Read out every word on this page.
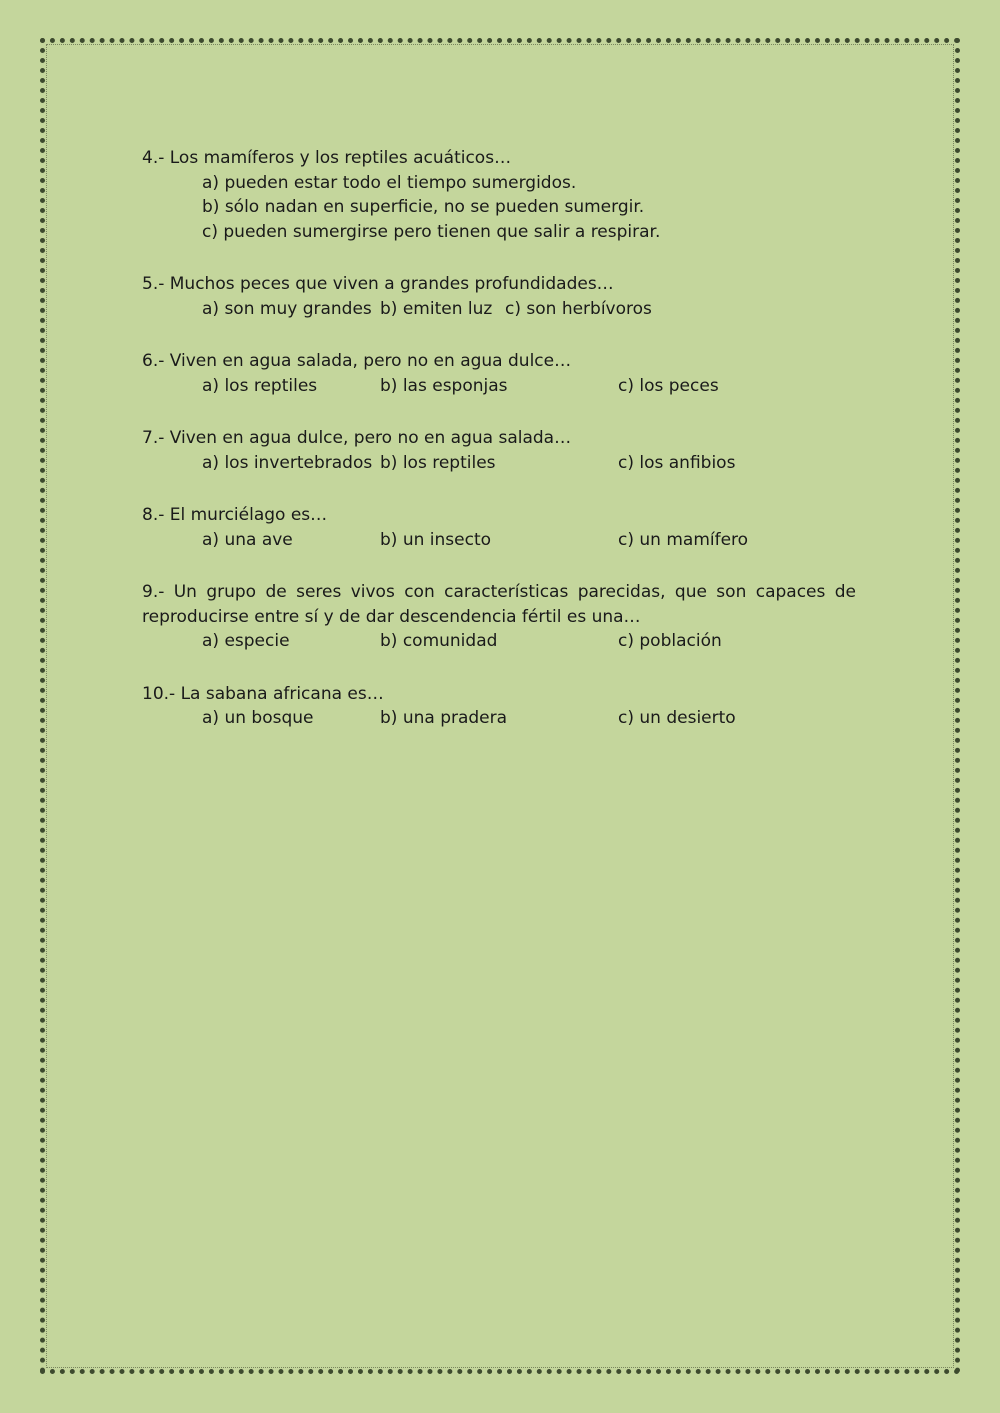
4.- Los mamíferos y los reptiles acuáticos…

a) pueden estar todo el tiempo sumergidos.
b) sólo nadan en superficie, no se pueden sumergir.
c) pueden sumergirse pero tienen que salir a respirar.

5.- Muchos peces que viven a grandes profundidades…

a) son muy grandes b) emiten luz c) son herbívoros

6.- Viven en agua salada, pero no en agua dulce…

a) los reptiles	b) las esponjas	c) los peces

7.- Viven en agua dulce, pero no en agua salada…

a) los invertebrados b) los reptiles	c) los anfibios

8.- El murciélago es…

a) una ave	b) un insecto	c) un mamífero

9.- Un grupo de seres vivos con características parecidas, que son capaces de reproducirse entre sí y de dar descendencia fértil es una…

a) especie	b) comunidad	c) población

10.- La sabana africana es…

a) un bosque	b) una pradera	c) un desierto
